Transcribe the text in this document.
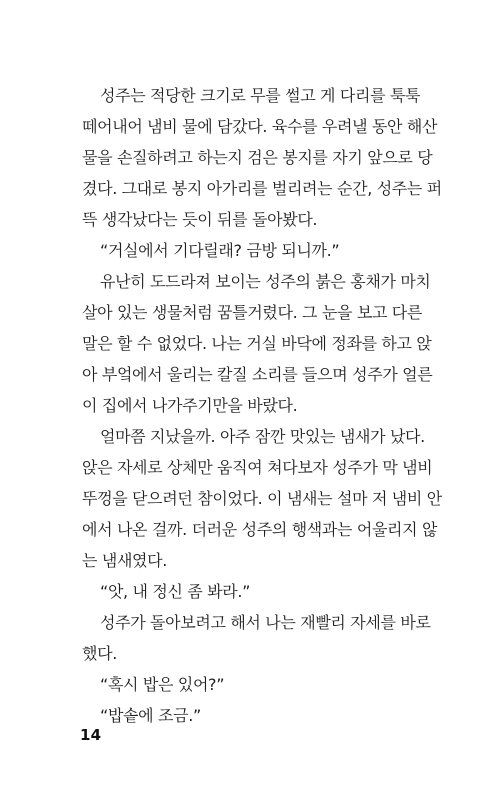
성주는 적당한 크기로 무를 썰고 게 다리를 툭툭
떼어내어 냄비 물에 담갔다. 육수를 우려낼 동안 해산
물을 손질하려고 하는지 검은 봉지를 자기 앞으로 당
겼다. 그대로 봉지 아가리를 벌리려는 순간, 성주는 퍼
뜩 생각났다는 듯이 뒤를 돌아봤다.
“거실에서 기다릴래? 금방 되니까.”
유난히 도드라져 보이는 성주의 붉은 홍채가 마치
살아 있는 생물처럼 꿈틀거렸다. 그 눈을 보고 다른
말은 할 수 없었다. 나는 거실 바닥에 정좌를 하고 앉
아 부엌에서 울리는 칼질 소리를 들으며 성주가 얼른
이 집에서 나가주기만을 바랐다.
얼마쯤 지났을까. 아주 잠깐 맛있는 냄새가 났다.
앉은 자세로 상체만 움직여 쳐다보자 성주가 막 냄비
뚜껑을 닫으려던 참이었다. 이 냄새는 설마 저 냄비 안
에서 나온 걸까. 더러운 성주의 행색과는 어울리지 않
는 냄새였다.
“앗, 내 정신 좀 봐라.”
성주가 돌아보려고 해서 나는 재빨리 자세를 바로
했다.
“혹시 밥은 있어?”
“밥솥에 조금.”
14
